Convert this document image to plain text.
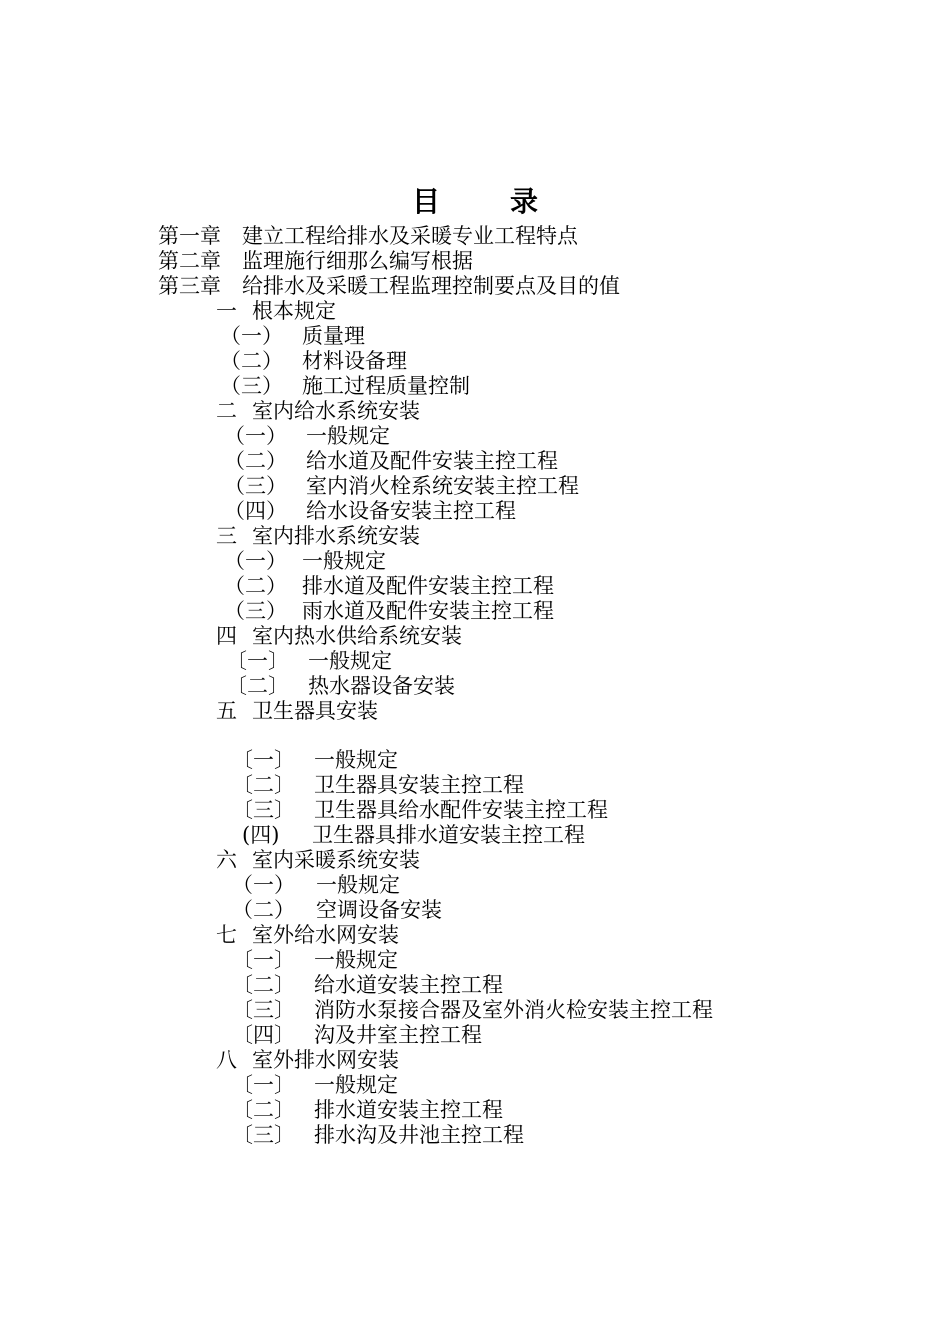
目	录
第一章 建立工程给排水及采暖专业工程特点
第二章 监理施行细那么编写根据
第三章 给排水及采暖工程监理控制要点及目的值
一 根本规定
（一） 质量理
（二） 材料设备理
（三） 施工过程质量控制
二 室内给水系统安装
（一） 一般规定
（二） 给水道及配件安装主控工程
（三） 室内消火栓系统安装主控工程
（四） 给水设备安装主控工程
三 室内排水系统安装
（一） 一般规定
（二） 排水道及配件安装主控工程
（三） 雨水道及配件安装主控工程
四 室内热水供给系统安装
〔一〕 一般规定
〔二〕 热水器设备安装
五 卫生器具安装
〔一〕 一般规定
〔二〕 卫生器具安装主控工程
〔三〕 卫生器具给水配件安装主控工程
(四) 卫生器具排水道安装主控工程
六 室内采暖系统安装
（一） 一般规定
（二） 空调设备安装
七 室外给水网安装
〔一〕 一般规定
〔二〕 给水道安装主控工程
〔三〕 消防水泵接合器及室外消火检安装主控工程
〔四〕 沟及井室主控工程
八 室外排水网安装
〔一〕 一般规定
〔二〕 排水道安装主控工程
〔三〕 排水沟及井池主控工程
